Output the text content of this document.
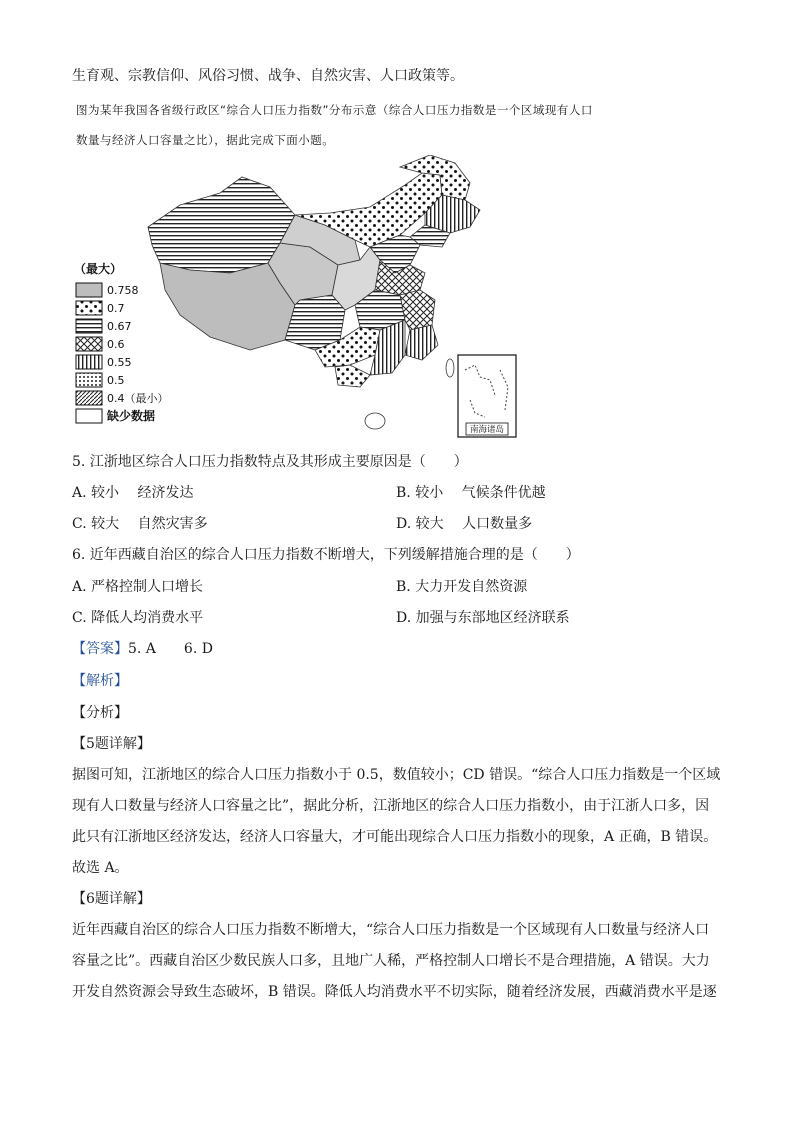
生育观、宗教信仰、风俗习惯、战争、自然灾害、人口政策等。
图为某年我国各省级行政区“综合人口压力指数”分布示意（综合人口压力指数是一个区域现有人口
数量与经济人口容量之比），据此完成下面小题。
（最大）
0.758
0.7
0.67
0.6
0.55
0.5
0.4（最小）
缺少数据
南海诸岛
5. 江浙地区综合人口压力指数特点及其形成主要原因是（　　）
A. 较小　 经济发达	B. 较小　 气候条件优越
C. 较大　 自然灾害多	D. 较大　 人口数量多
6. 近年西藏自治区的综合人口压力指数不断增大，下列缓解措施合理的是（　　）
A. 严格控制人口增长	B. 大力开发自然资源
C. 降低人均消费水平	D. 加强与东部地区经济联系
【答案】5. A　　6. D
【解析】
【分析】
【5题详解】
据图可知，江浙地区的综合人口压力指数小于 0.5，数值较小；CD 错误。“综合人口压力指数是一个区域
现有人口数量与经济人口容量之比”，据此分析，江浙地区的综合人口压力指数小，由于江浙人口多，因
此只有江浙地区经济发达，经济人口容量大，才可能出现综合人口压力指数小的现象，A 正确，B 错误。
故选 A。
【6题详解】
近年西藏自治区的综合人口压力指数不断增大，“综合人口压力指数是一个区域现有人口数量与经济人口
容量之比”。西藏自治区少数民族人口多，且地广人稀，严格控制人口增长不是合理措施，A 错误。大力
开发自然资源会导致生态破坏，B 错误。降低人均消费水平不切实际，随着经济发展，西藏消费水平是逐
